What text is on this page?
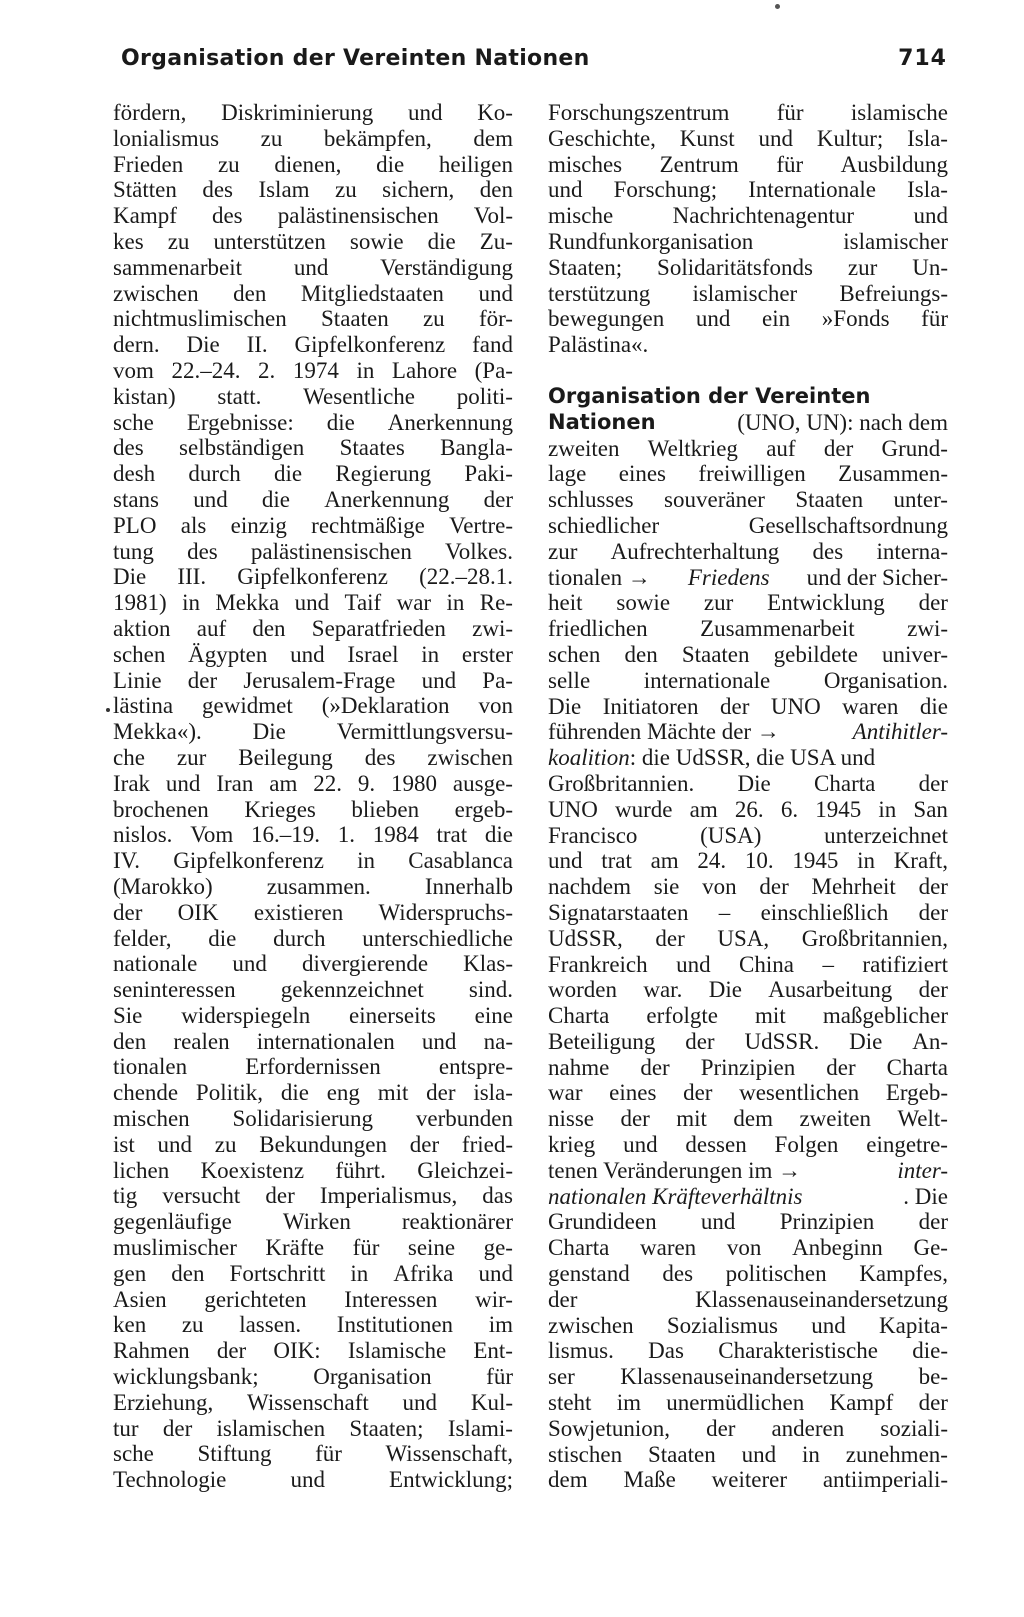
Organisation der Vereinten Nationen	714
fördern, Diskriminierung und Ko-
lonialismus zu bekämpfen, dem
Frieden zu dienen, die heiligen
Stätten des Islam zu sichern, den
Kampf des palästinensischen Vol-
kes zu unterstützen sowie die Zu-
sammenarbeit und Verständigung
zwischen den Mitgliedstaaten und
nichtmuslimischen Staaten zu för-
dern. Die II. Gipfelkonferenz fand
vom 22.–24. 2. 1974 in Lahore (Pa-
kistan) statt. Wesentliche politi-
sche Ergebnisse: die Anerkennung
des selbständigen Staates Bangla-
desh durch die Regierung Paki-
stans und die Anerkennung der
PLO als einzig rechtmäßige Vertre-
tung des palästinensischen Volkes.
Die III. Gipfelkonferenz (22.–28.1.
1981) in Mekka und Taif war in Re-
aktion auf den Separatfrieden zwi-
schen Ägypten und Israel in erster
Linie der Jerusalem-Frage und Pa-
lästina gewidmet (»Deklaration von
Mekka«). Die Vermittlungsversu-
che zur Beilegung des zwischen
Irak und Iran am 22. 9. 1980 ausge-
brochenen Krieges blieben ergeb-
nislos. Vom 16.–19. 1. 1984 trat die
IV. Gipfelkonferenz in Casablanca
(Marokko) zusammen. Innerhalb
der OIK existieren Widerspruchs-
felder, die durch unterschiedliche
nationale und divergierende Klas-
seninteressen gekennzeichnet sind.
Sie widerspiegeln einerseits eine
den realen internationalen und na-
tionalen	Erfordernissen	entspre-
chende Politik, die eng mit der isla-
mischen Solidarisierung verbunden
ist und zu Bekundungen der fried-
lichen Koexistenz führt. Gleichzei-
tig versucht der Imperialismus, das
gegenläufige Wirken reaktionärer
muslimischer Kräfte für seine ge-
gen den Fortschritt in Afrika und
Asien gerichteten Interessen wir-
ken zu lassen. Institutionen im
Rahmen der OIK: Islamische Ent-
wicklungsbank; Organisation für
Erziehung, Wissenschaft und Kul-
tur der islamischen Staaten; Islami-
sche Stiftung für Wissenschaft,
Technologie	und	Entwicklung;
Forschungszentrum für islamische
Geschichte, Kunst und Kultur; Isla-
misches Zentrum für Ausbildung
und Forschung; Internationale Isla-
mische	Nachrichtenagentur	und
Rundfunkorganisation	islamischer
Staaten; Solidaritätsfonds zur Un-
terstützung islamischer Befreiungs-
bewegungen und ein »Fonds für
Palästina«.
Organisation der Vereinten
Nationen	(UNO, UN): nach dem
zweiten Weltkrieg auf der Grund-
lage eines freiwilligen Zusammen-
schlusses souveräner Staaten unter-
schiedlicher	Gesellschaftsordnung
zur Aufrechterhaltung des interna-
tionalen → Friedens und der Sicher-
heit sowie zur Entwicklung der
friedlichen Zusammenarbeit zwi-
schen den Staaten gebildete univer-
selle internationale Organisation.
Die Initiatoren der UNO waren die
führenden Mächte der →	Antihitler-
koalition : die UdSSR, die USA und
Großbritannien. Die Charta der
UNO wurde am 26. 6. 1945 in San
Francisco	(USA)	unterzeichnet
und trat am 24. 10. 1945 in Kraft,
nachdem sie von der Mehrheit der
Signatarstaaten – einschließlich der
UdSSR, der USA, Großbritannien,
Frankreich und China – ratifiziert
worden war. Die Ausarbeitung der
Charta erfolgte mit maßgeblicher
Beteiligung der UdSSR. Die An-
nahme der Prinzipien der Charta
war eines der wesentlichen Ergeb-
nisse der mit dem zweiten Welt-
krieg und dessen Folgen eingetre-
tenen Veränderungen im →	inter-
nationalen Kräfteverhältnis	. Die
Grundideen und Prinzipien der
Charta waren von Anbeginn Ge-
genstand des politischen Kampfes,
der	Klassenauseinandersetzung
zwischen Sozialismus und Kapita-
lismus. Das Charakteristische die-
ser Klassenauseinandersetzung be-
steht im unermüdlichen Kampf der
Sowjetunion, der anderen soziali-
stischen Staaten und in zunehmen-
dem Maße weiterer antiimperiali-
